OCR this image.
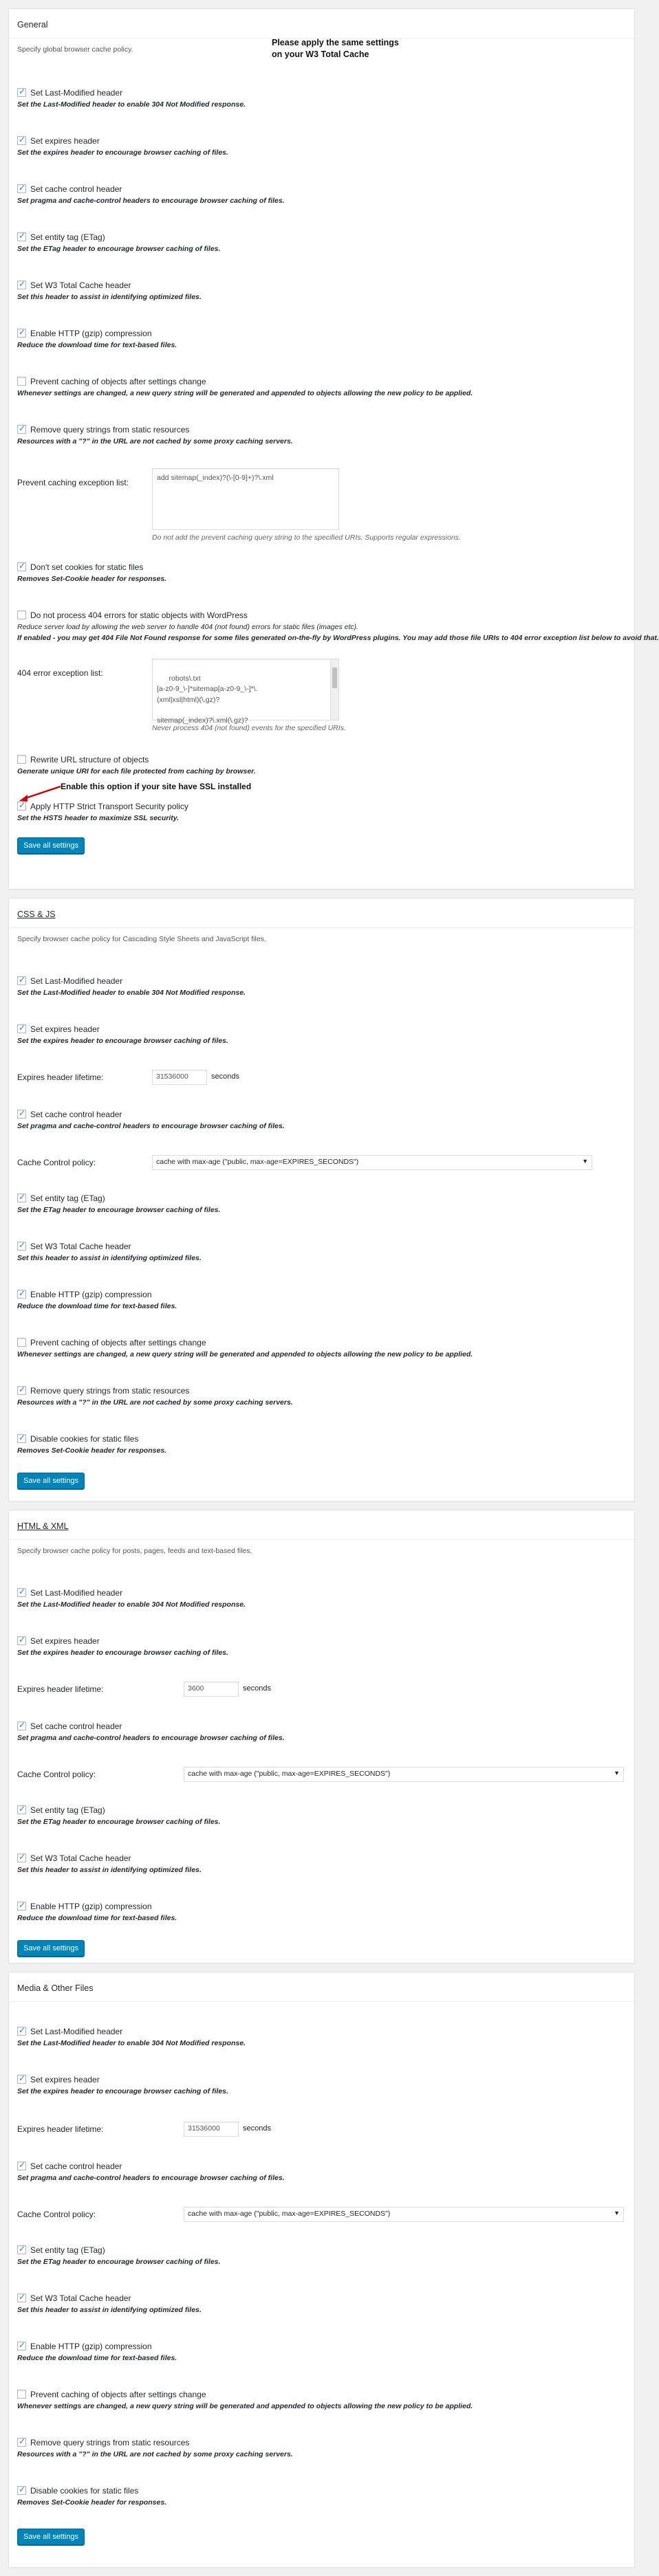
General

Specify global browser cache policy.

✓Set Last-Modified header
Set the Last-Modified header to enable 304 Not Modified response.
✓Set expires header
Set the expires header to encourage browser caching of files.
✓Set cache control header
Set pragma and cache-control headers to encourage browser caching of files.
✓Set entity tag (ETag)
Set the ETag header to encourage browser caching of files.
✓Set W3 Total Cache header
Set this header to assist in identifying optimized files.
✓Enable HTTP (gzip) compression
Reduce the download time for text-based files.
Prevent caching of objects after settings change
Whenever settings are changed, a new query string will be generated and appended to objects allowing the new policy to be applied.
✓Remove query strings from static resources
Resources with a "?" in the URL are not cached by some proxy caching servers.
Prevent caching exception list:	add sitemap(_index)?(\-[0-9]+)?\.xml
Do not add the prevent caching query string to the specified URIs. Supports regular expressions.
✓Don't set cookies for static files
Removes Set-Cookie header for responses.
Do not process 404 errors for static objects with WordPress
Reduce server load by allowing the web server to handle 404 (not found) errors for static files (images etc).
If enabled - you may get 404 File Not Found response for some files generated on-the-fly by WordPress plugins. You may add those file URIs to 404 error exception list below to avoid that.
404 error exception list:

robots\.txt
[a-z0-9_\-]*sitemap[a-z0-9_\-]*\.
(xml|xsl|html)(\.gz)?

sitemap(_index)?\.xml(\.gz)?

Never process 404 (not found) events for the specified URIs.
Rewrite URL structure of objects
Generate unique URI for each file protected from caching by browser.
✓Apply HTTP Strict Transport Security policy
Set the HSTS header to maximize SSL security.
Save all settings
Please apply the same settings on your W3 Total Cache
Enable this option if your site have SSL installed
CSS & JS

Specify browser cache policy for Cascading Style Sheets and JavaScript files.

✓Set Last-Modified header
Set the Last-Modified header to enable 304 Not Modified response.
✓Set expires header
Set the expires header to encourage browser caching of files.
Expires header lifetime:	31536000	seconds
✓Set cache control header
Set pragma and cache-control headers to encourage browser caching of files.
Cache Control policy:	cache with max-age ("public, max-age=EXPIRES_SECONDS")	▼
✓Set entity tag (ETag)
Set the ETag header to encourage browser caching of files.
✓Set W3 Total Cache header
Set this header to assist in identifying optimized files.
✓Enable HTTP (gzip) compression
Reduce the download time for text-based files.
Prevent caching of objects after settings change
Whenever settings are changed, a new query string will be generated and appended to objects allowing the new policy to be applied.
✓Remove query strings from static resources
Resources with a "?" in the URL are not cached by some proxy caching servers.
✓Disable cookies for static files
Removes Set-Cookie header for responses.
Save all settings
HTML & XML

Specify browser cache policy for posts, pages, feeds and text-based files.

✓Set Last-Modified header
Set the Last-Modified header to enable 304 Not Modified response.
✓Set expires header
Set the expires header to encourage browser caching of files.
Expires header lifetime:	3600	seconds
✓Set cache control header
Set pragma and cache-control headers to encourage browser caching of files.
Cache Control policy:	cache with max-age ("public, max-age=EXPIRES_SECONDS")	▼
✓Set entity tag (ETag)
Set the ETag header to encourage browser caching of files.
✓Set W3 Total Cache header
Set this header to assist in identifying optimized files.
✓Enable HTTP (gzip) compression
Reduce the download time for text-based files.
Save all settings
Media & Other Files
✓Set Last-Modified header
Set the Last-Modified header to enable 304 Not Modified response.
✓Set expires header
Set the expires header to encourage browser caching of files.
Expires header lifetime:	31536000	seconds
✓Set cache control header
Set pragma and cache-control headers to encourage browser caching of files.
Cache Control policy:	cache with max-age ("public, max-age=EXPIRES_SECONDS")	▼
✓Set entity tag (ETag)
Set the ETag header to encourage browser caching of files.
✓Set W3 Total Cache header
Set this header to assist in identifying optimized files.
✓Enable HTTP (gzip) compression
Reduce the download time for text-based files.
Prevent caching of objects after settings change
Whenever settings are changed, a new query string will be generated and appended to objects allowing the new policy to be applied.
✓Remove query strings from static resources
Resources with a "?" in the URL are not cached by some proxy caching servers.
✓Disable cookies for static files
Removes Set-Cookie header for responses.
Save all settings
